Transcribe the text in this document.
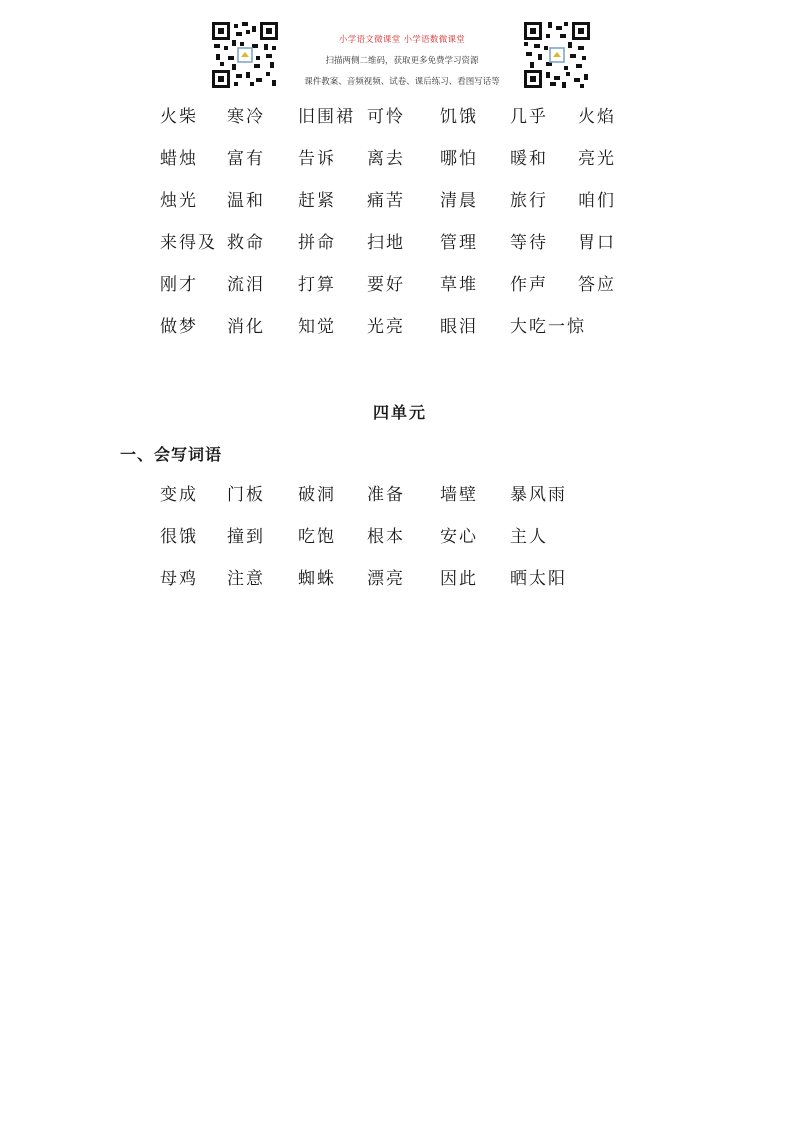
小学语文微课堂 小学语数微课堂
扫描两侧二维码，获取更多免费学习资源
课件教案、音频视频、试卷、课后练习、看图写话等
火柴 寒冷 旧围裙 可怜 饥饿 几乎 火焰
蜡烛 富有 告诉 离去 哪怕 暖和 亮光
烛光 温和 赶紧 痛苦 清晨 旅行 咱们
来得及 救命 拼命 扫地 管理 等待 胃口
刚才 流泪 打算 要好 草堆 作声 答应
做梦 消化 知觉 光亮 眼泪 大吃一惊
四单元
一、会写词语
变成 门板 破洞 准备 墙壁 暴风雨
很饿 撞到 吃饱 根本 安心 主人
母鸡 注意 蜘蛛 漂亮 因此 晒太阳
